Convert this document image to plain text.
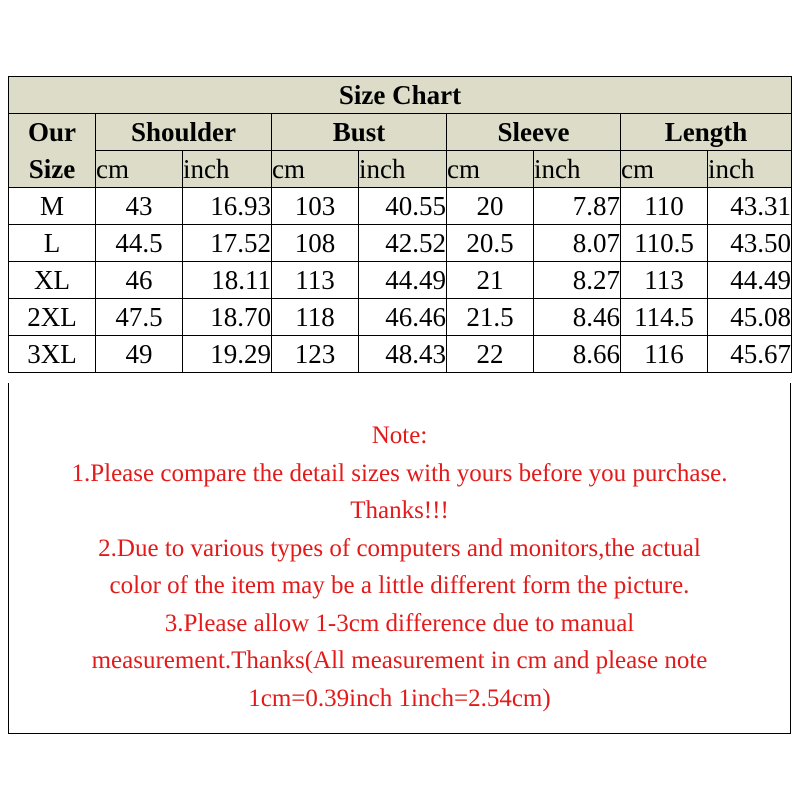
Size Chart								

Our
Size	Shoulder		Bust		Sleeve		Length	
	cm	inch	cm	inch	cm	inch	cm	inch
M	43	16.93	103	40.55	20	7.87	110	43.31
L	44.5	17.52	108	42.52	20.5	8.07	110.5	43.50
XL	46	18.11	113	44.49	21	8.27	113	44.49
2XL	47.5	18.70	118	46.46	21.5	8.46	114.5	45.08
3XL	49	19.29	123	48.43	22	8.66	116	45.67
Note:
1.Please compare the detail sizes with yours before you purchase.
Thanks!!!
2.Due to various types of computers and monitors,the actual
color of the item may be a little different form the picture.
3.Please allow 1-3cm difference due to manual
measurement.Thanks(All measurement in cm and please note
1cm=0.39inch 1inch=2.54cm)
